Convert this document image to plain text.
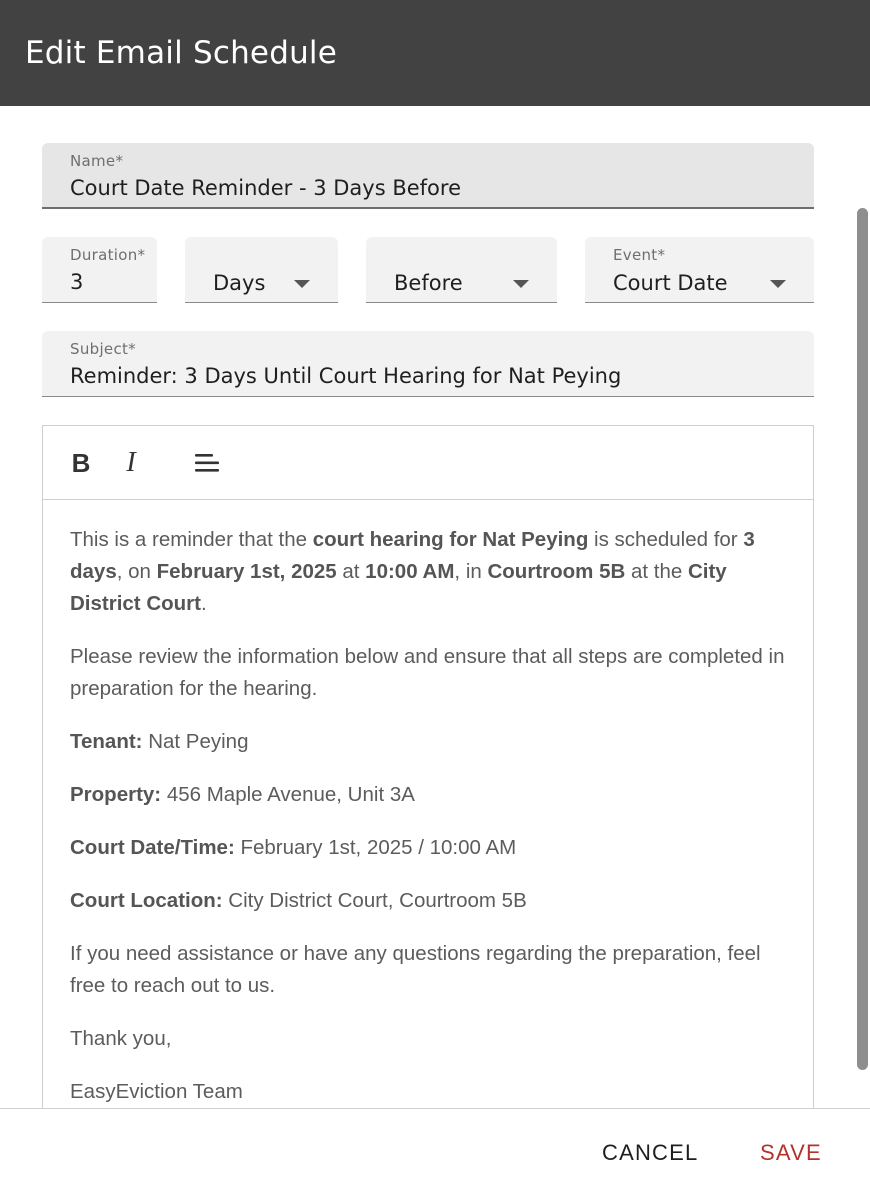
Edit Email Schedule
Name*
Court Date Reminder - 3 Days Before
Duration*
3	Days	Before
Event*
Court Date
Subject*
Reminder: 3 Days Until Court Hearing for Nat Peying
B I

This is a reminder that the court hearing for Nat Peying is scheduled for 3 days, on February 1st, 2025 at 10:00 AM, in Courtroom 5B at the City District Court.

Please review the information below and ensure that all steps are completed in preparation for the hearing.

Tenant: Nat Peying

Property: 456 Maple Avenue, Unit 3A

Court Date/Time: February 1st, 2025 / 10:00 AM

Court Location: City District Court, Courtroom 5B

If you need assistance or have any questions regarding the preparation, feel free to reach out to us.

Thank you,

EasyEviction Team

CANCEL	SAVE
